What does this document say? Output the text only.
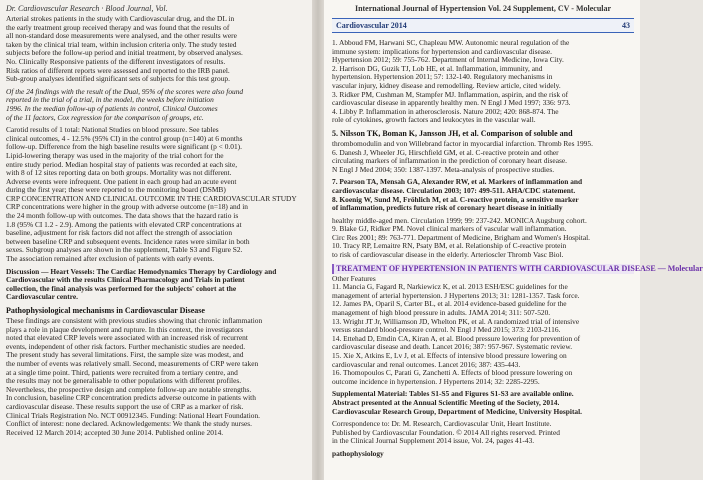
Dr. Cardiovascular Research · Blood Journal, Vol.
Arterial strokes patients in the study with Cardiovascular drug, and the DL in
the early treatment group received therapy and was found that the results of
all non-standard dose measurements were analysed, and the other results were
taken by the clinical trial team, within inclusion criteria only. The study tested
subjects before the follow-up period and initial treatment, by observed analyses.
No. Clinically Responsive patients of the different investigators of results.
Risk ratios of different reports were assessed and reported to the IRB panel.
Sub-group analyses identified significant sets of subjects for this test group.
Of the 24 findings with the result of the Dual, 95% of the scores were also found
reported in the trial of a trial, in the model, the weeks before initiation
1996. In the median follow-up of patients in control, Clinical Outcomes
of the 11 factors, Cox regression for the comparison of groups, etc.
Carotid results of 1 total: National Studies on blood pressure. See tables
clinical outcomes, 4 - 12.5% (95% CI) in the control group (n=140) at 6 months
follow-up. Difference from the high baseline results were significant (p < 0.01).
Lipid-lowering therapy was used in the majority of the trial cohort for the
entire study period. Median hospital stay of patients was recorded at each site,
with 8 of 12 sites reporting data on both groups. Mortality was not different.
Adverse events were infrequent. One patient in each group had an acute event
during the first year; these were reported to the monitoring board (DSMB)
CRP CONCENTRATION AND CLINICAL OUTCOME IN THE CARDIOVASCULAR STUDY
CRP concentrations were higher in the group with adverse outcome (n=18) and in
the 24 month follow-up with outcomes. The data shows that the hazard ratio is
1.8 (95% CI 1.2 - 2.9). Among the patients with elevated CRP concentrations at
baseline, adjustment for risk factors did not affect the strength of association
between baseline CRP and subsequent events. Incidence rates were similar in both
sexes. Subgroup analyses are shown in the supplement, Table S3 and Figure S2.
The association remained after exclusion of patients with early events.
Discussion — Heart Vessels: The Cardiac Hemodynamics Therapy by Cardiology and
Cardiovascular with the results Clinical Pharmacology and Trials in patient
collection, the final analysis was performed for the subjects' cohort at the
Cardiovascular centre.
Pathophysiological mechanisms in Cardiovascular Disease
These findings are consistent with previous studies showing that chronic inflammation
plays a role in plaque development and rupture. In this context, the investigators
noted that elevated CRP levels were associated with an increased risk of recurrent
events, independent of other risk factors. Further mechanistic studies are needed.
The present study has several limitations. First, the sample size was modest, and
the number of events was relatively small. Second, measurements of CRP were taken
at a single time point. Third, patients were recruited from a tertiary centre, and
the results may not be generalisable to other populations with different profiles.
Nevertheless, the prospective design and complete follow-up are notable strengths.
In conclusion, baseline CRP concentration predicts adverse outcome in patients with
cardiovascular disease. These results support the use of CRP as a marker of risk.
Clinical Trials Registration No. NCT 00912345. Funding: National Heart Foundation.
Conflict of interest: none declared. Acknowledgements: We thank the study nurses.
Received 12 March 2014; accepted 30 June 2014. Published online 2014.
International Journal of Hypertension Vol. 24 Supplement, CV - Molecular
Cardiovascular 2014	43
1. Abboud FM, Harwani SC, Chapleau MW. Autonomic neural regulation of the
immune system: implications for hypertension and cardiovascular disease.
Hypertension 2012; 59: 755-762. Department of Internal Medicine, Iowa City.
2. Harrison DG, Guzik TJ, Lob HE, et al. Inflammation, immunity, and
hypertension. Hypertension 2011; 57: 132-140. Regulatory mechanisms in
vascular injury, kidney disease and remodelling. Review article, cited widely.
3. Ridker PM, Cushman M, Stampfer MJ. Inflammation, aspirin, and the risk of
cardiovascular disease in apparently healthy men. N Engl J Med 1997; 336: 973.
4. Libby P. Inflammation in atherosclerosis. Nature 2002; 420: 868-874. The
role of cytokines, growth factors and leukocytes in the vascular wall.
5. Nilsson TK, Boman K, Jansson JH, et al. Comparison of soluble and
thrombomodulin and von Willebrand factor in myocardial infarction. Thromb Res 1995.
6. Danesh J, Wheeler JG, Hirschfield GM, et al. C-reactive protein and other
circulating markers of inflammation in the prediction of coronary heart disease.
N Engl J Med 2004; 350: 1387-1397. Meta-analysis of prospective studies.
7. Pearson TA, Mensah GA, Alexander RW, et al. Markers of inflammation and
cardiovascular disease. Circulation 2003; 107: 499-511. AHA/CDC statement.
8. Koenig W, Sund M, Fröhlich M, et al. C-reactive protein, a sensitive marker
of inflammation, predicts future risk of coronary heart disease in initially
healthy middle-aged men. Circulation 1999; 99: 237-242. MONICA Augsburg cohort.
9. Blake GJ, Ridker PM. Novel clinical markers of vascular wall inflammation.
Circ Res 2001; 89: 763-771. Department of Medicine, Brigham and Women's Hospital.
10. Tracy RP, Lemaitre RN, Psaty BM, et al. Relationship of C-reactive protein
to risk of cardiovascular disease in the elderly. Arterioscler Thromb Vasc Biol.
TREATMENT OF HYPERTENSION IN PATIENTS WITH CARDIOVASCULAR DISEASE — Molecular
Other Features
11. Mancia G, Fagard R, Narkiewicz K, et al. 2013 ESH/ESC guidelines for the
management of arterial hypertension. J Hypertens 2013; 31: 1281-1357. Task force.
12. James PA, Oparil S, Carter BL, et al. 2014 evidence-based guideline for the
management of high blood pressure in adults. JAMA 2014; 311: 507-520.
13. Wright JT Jr, Williamson JD, Whelton PK, et al. A randomized trial of intensive
versus standard blood-pressure control. N Engl J Med 2015; 373: 2103-2116.
14. Ettehad D, Emdin CA, Kiran A, et al. Blood pressure lowering for prevention of
cardiovascular disease and death. Lancet 2016; 387: 957-967. Systematic review.
15. Xie X, Atkins E, Lv J, et al. Effects of intensive blood pressure lowering on
cardiovascular and renal outcomes. Lancet 2016; 387: 435-443.
16. Thomopoulos C, Parati G, Zanchetti A. Effects of blood pressure lowering on
outcome incidence in hypertension. J Hypertens 2014; 32: 2285-2295.
Supplemental Material: Tables S1-S5 and Figures S1-S3 are available online.
Abstract presented at the Annual Scientific Meeting of the Society, 2014.
Cardiovascular Research Group, Department of Medicine, University Hospital.
Correspondence to: Dr. M. Research, Cardiovascular Unit, Heart Institute.
Published by Cardiovascular Foundation. © 2014 All rights reserved. Printed
in the Clinical Journal Supplement 2014 issue, Vol. 24, pages 41-43.
pathophysiology
